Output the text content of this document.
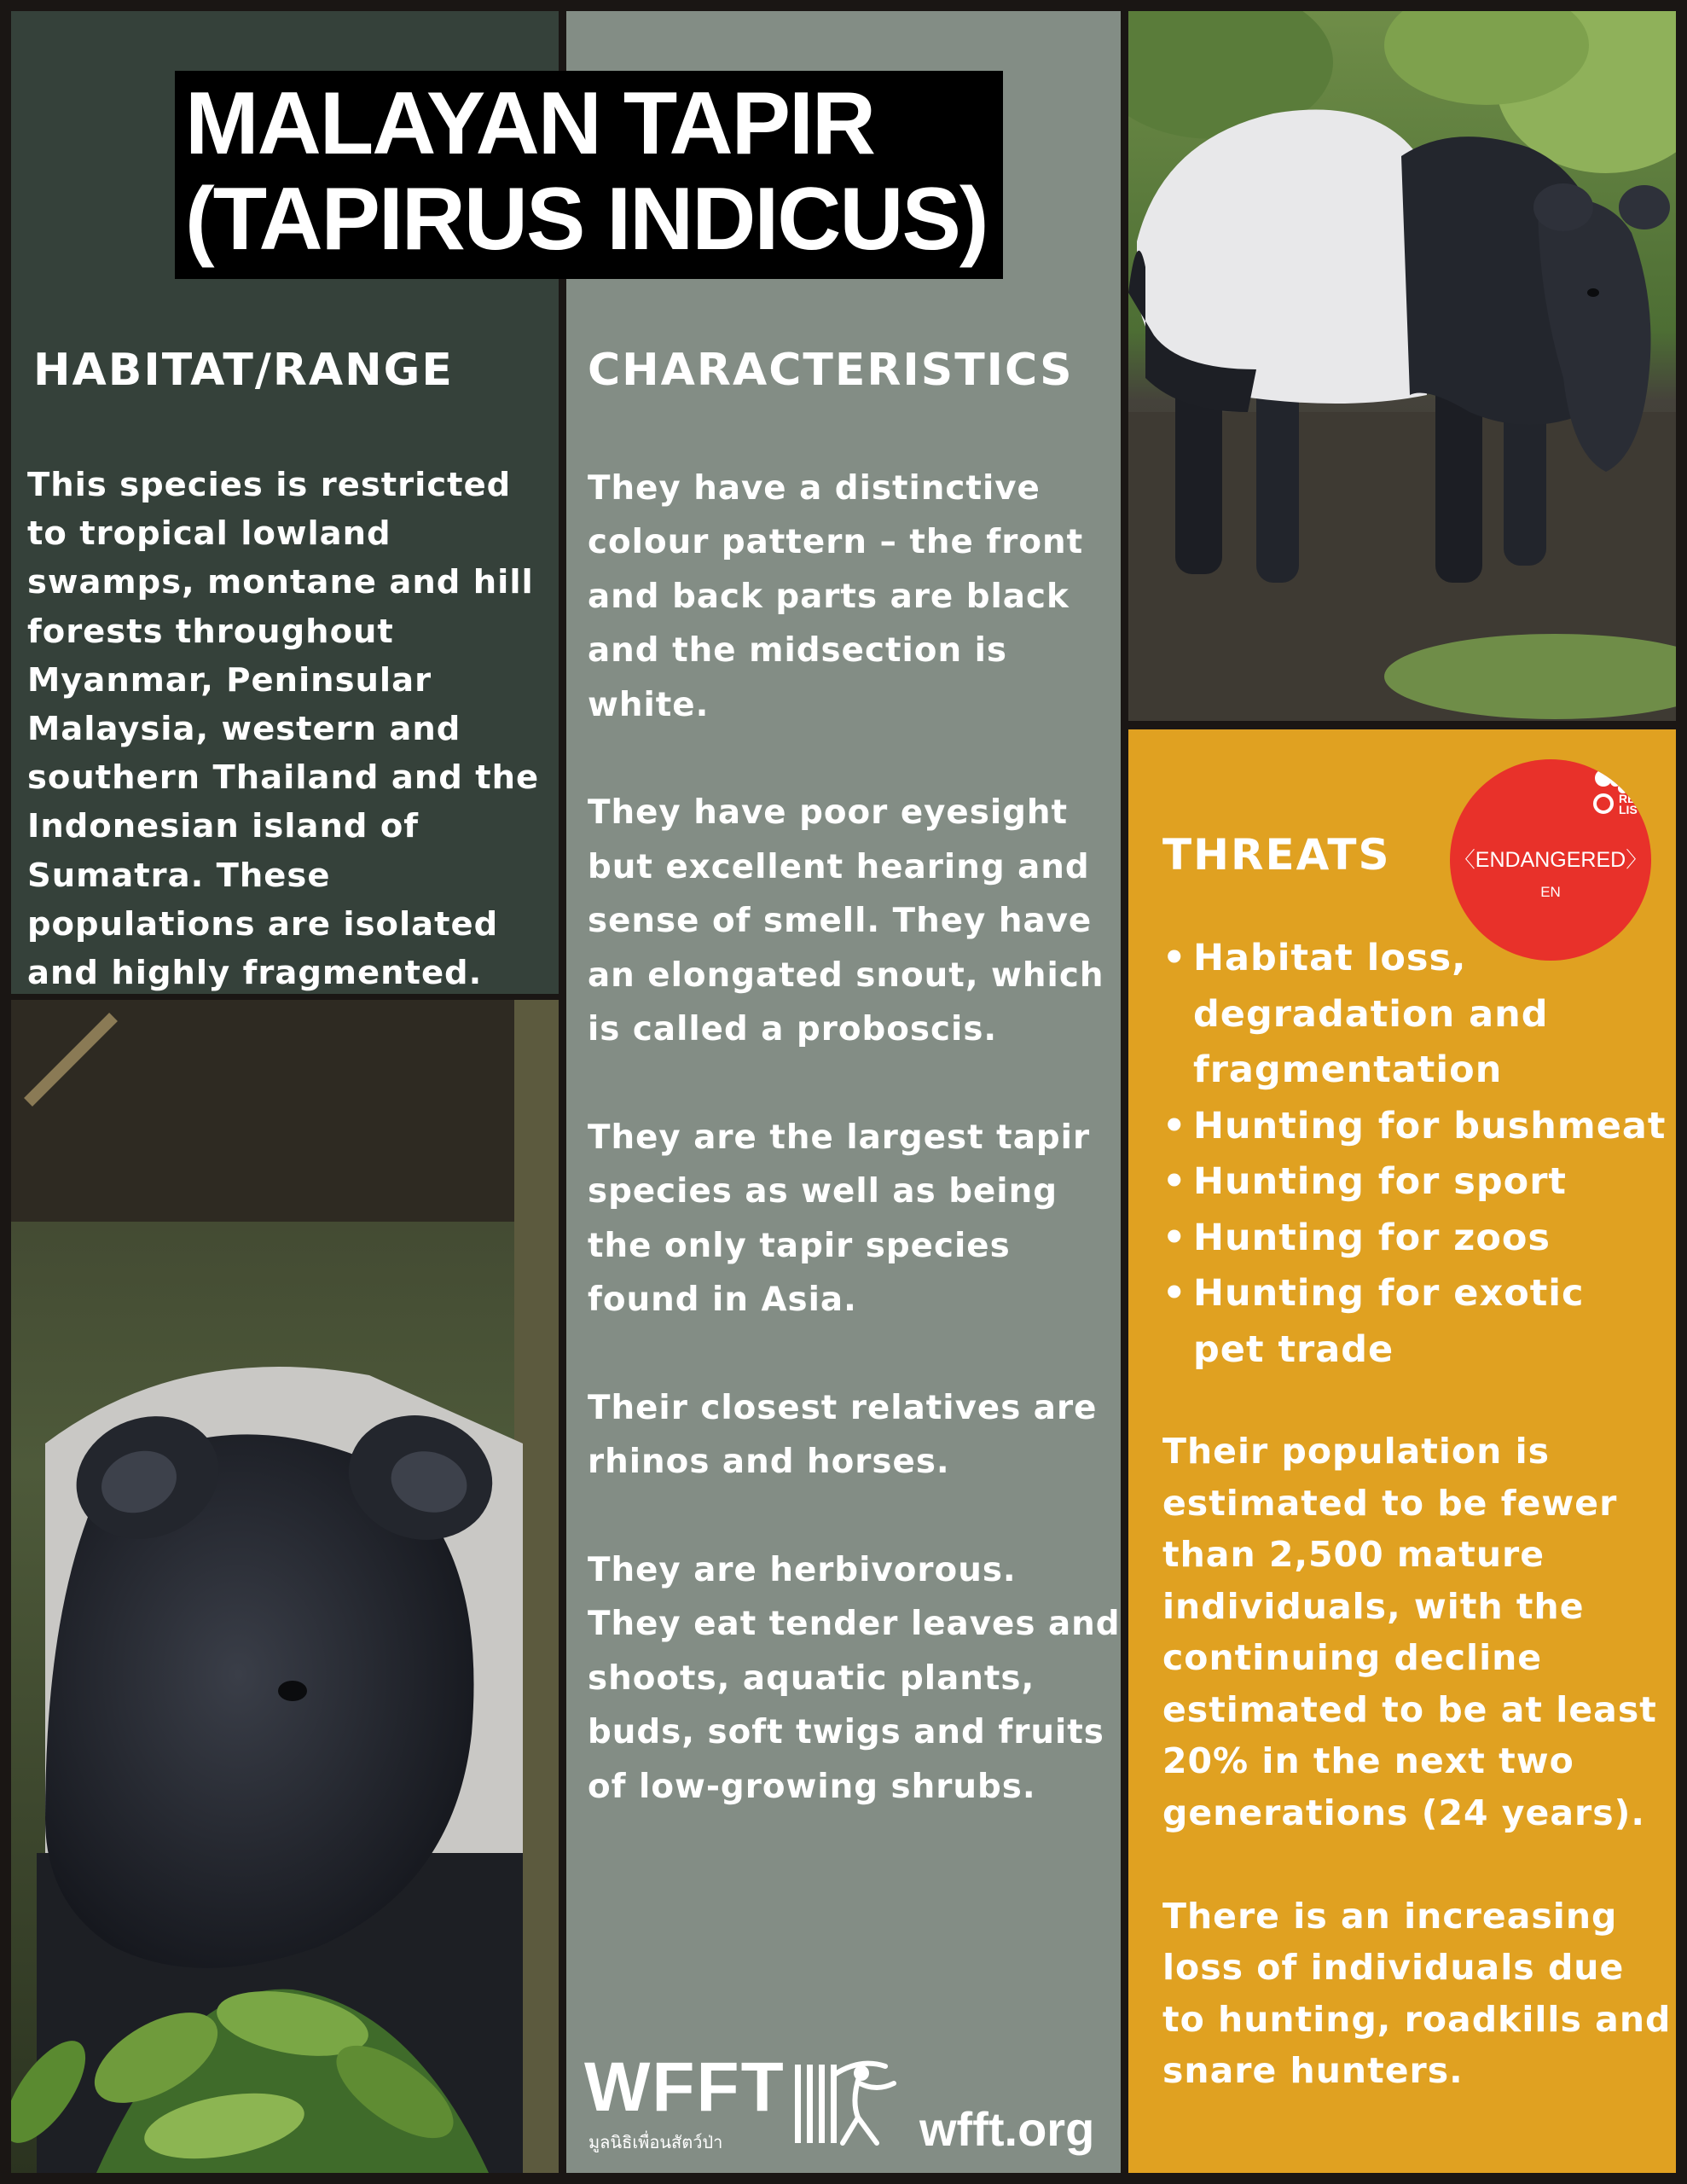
HABITAT/RANGE
This species is restricted to tropical lowland swamps, montane and hill forests throughout Myanmar, Peninsular Malaysia, western and southern Thailand and the Indonesian island of Sumatra. These populations are isolated and highly fragmented.
CHARACTERISTICS

They have a distinctive colour pattern – the front and back parts are black and the midsection is white.

They have poor eyesight but excellent hearing and sense of smell. They have an elongated snout, which is called a proboscis.

They are the largest tapir species as well as being the only tapir species found in Asia.

Their closest relatives are rhinos and horses.

They are herbivorous. They eat tender leaves and shoots, aquatic plants, buds, soft twigs and fruits of low-growing shrubs.

THREATS
• Habitat loss, degradation and fragmentation
• Hunting for bushmeat
• Hunting for sport
• Hunting for zoos
• Hunting for exotic pet trade

Their population is estimated to be fewer than 2,500 mature individuals, with the continuing decline estimated to be at least 20% in the next two generations (24 years).

There is an increasing loss of individuals due to hunting, roadkills and snare hunters.

RED
LIST
〈ENDANGERED〉
EN
MALAYAN TAPIR
(TAPIRUS INDICUS)
WFFT
มูลนิธิเพื่อนสัตว์ป่า	wfft.org
